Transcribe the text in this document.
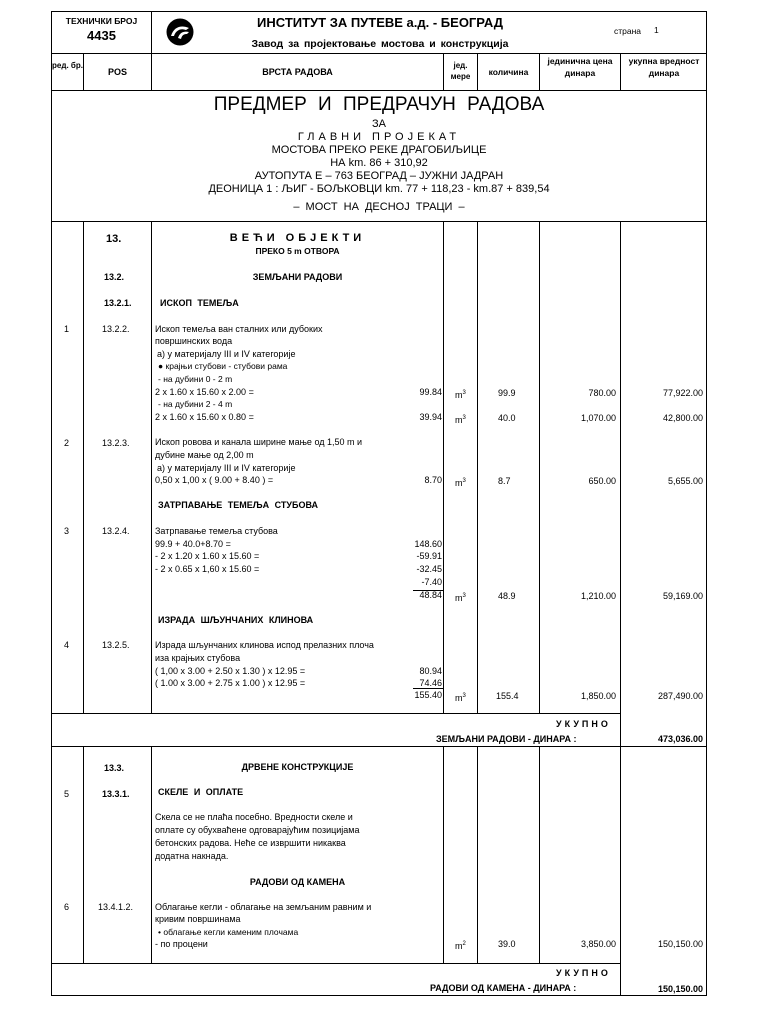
ТЕХНИЧКИ БРОЈ
4435
ИНСТИТУТ ЗА ПУТЕВЕ а.д. - БЕОГРАД
Завод за пројектовање мостова и конструкција
страна 1
ред. бр.
POS	ВРСТА РАДОВА
јед. мере	количина
јединична цена динара
укупна вредност динара
ПРЕДМЕР И ПРЕДРАЧУН РАДОВА
ЗА
ГЛАВНИ ПРОЈЕКАТ
МОСТОВА ПРЕКО РЕКЕ ДРАГОБИЉИЦЕ
НА km. 86 + 310,92
АУТОПУТА Е – 763 БЕОГРАД – ЈУЖНИ ЈАДРАН
ДЕОНИЦА 1 : ЉИГ - БОЉКОВЦИ km. 77 + 118,23 - km.87 + 839,54
– МОСТ НА ДЕСНОЈ ТРАЦИ –
13.	ВЕЋИ ОБЈЕКТИ
ПРЕКО 5 m ОТВОРА
13.2.	ЗЕМЉАНИ РАДОВИ
13.2.1.	ИСКОП ТЕМЕЉА
1	13.2.2.	Ископ темеља ван сталних или дубоких
површинских вода
а) у материјалу III и IV категорије
● крајњи стубови - стубови рама
- на дубини 0 - 2 m
2 x 1.60 x 15.60 x 2.00 =	99.84 $m^3$	99.9	780.00	77,922.00
- на дубини 2 - 4 m
2 x 1.60 x 15.60 x 0.80 =	39.94 $m^3$	40.0	1,070.00	42,800.00
2	13.2.3.	Ископ ровова и канала ширине мање од 1,50 m и
дубине мање од 2,00 m
а) у материјалу III и IV категорије
0,50 x 1,00 x ( 9.00 + 8.40 ) =	8.70 $m^3$	8.7	650.00	5,655.00
ЗАТРПАВАЊЕ ТЕМЕЉА СТУБОВА
3	13.2.4.	Затрпавање темеља стубова
99.9 + 40.0+8.70 =	148.60
- 2 x 1.20 x 1.60 x 15.60 =	-59.91
- 2 x 0.65 x 1,60 x 15.60 =	-32.45
-7.40
48.84 $m^3$	48.9	1,210.00	59,169.00
ИЗРАДА ШЉУНЧАНИХ КЛИНОВА
4	13.2.5.	Израда шљунчаних клинова испод прелазних плоча
иза крајњих стубова
( 1,00 x 3.00 + 2.50 x 1.30 ) x 12.95 =	80.94
( 1.00 x 3.00 + 2.75 x 1.00 ) x 12.95 =	74.46
155.40 $m^3$	155.4	1,850.00	287,490.00
УКУПНО
ЗЕМЉАНИ РАДОВИ - ДИНАРА :	473,036.00
13.3.	ДРВЕНЕ КОНСТРУКЦИЈЕ
5	13.3.1.	СКЕЛЕ И ОПЛАТЕ
Скела се не плаћа посебно. Вредности скеле и
оплате су обухваћене одговарајућим позицијама
бетонских радова. Неће се извршити никаква
додатна накнада.
РАДОВИ ОД КАМЕНА
6	13.4.1.2. Облагање кегли - облагање на земљаним равним и
кривим површинама
• облагање кегли каменим плочама
- по процени	$m^2$	39.0	3,850.00	150,150.00
УКУПНО
РАДОВИ ОД КАМЕНА - ДИНАРА :	150,150.00
